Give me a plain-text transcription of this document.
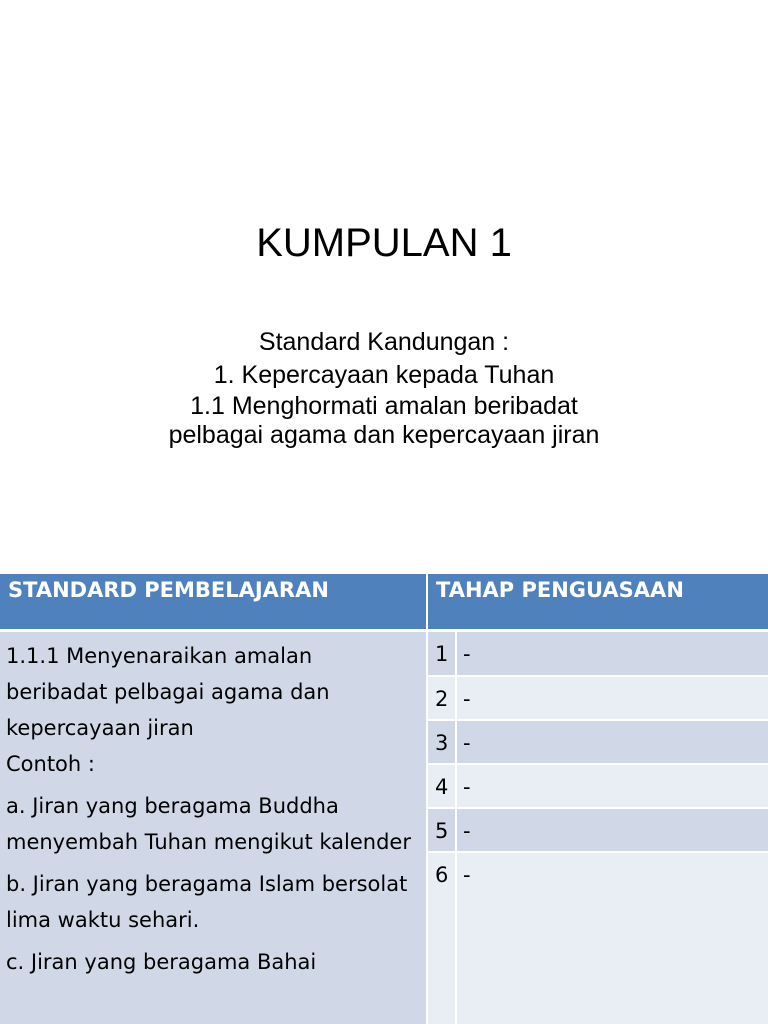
KUMPULAN 1
Standard Kandungan :
1. Kepercayaan kepada Tuhan
1.1 Menghormati amalan beribadat
pelbagai agama dan kepercayaan jiran
STANDARD PEMBELAJARAN	TAHAP PENGUASAAN

1.1.1 Menyenaraikan amalan beribadat pelbagai agama dan kepercayaan jiran

Contoh :

a. Jiran yang beragama Buddha menyembah Tuhan mengikut kalender

b. Jiran yang beragama Islam bersolat lima waktu sehari.

c. Jiran yang beragama Bahai

1 -
2 -
3 -
4 -
5 -
6 -
